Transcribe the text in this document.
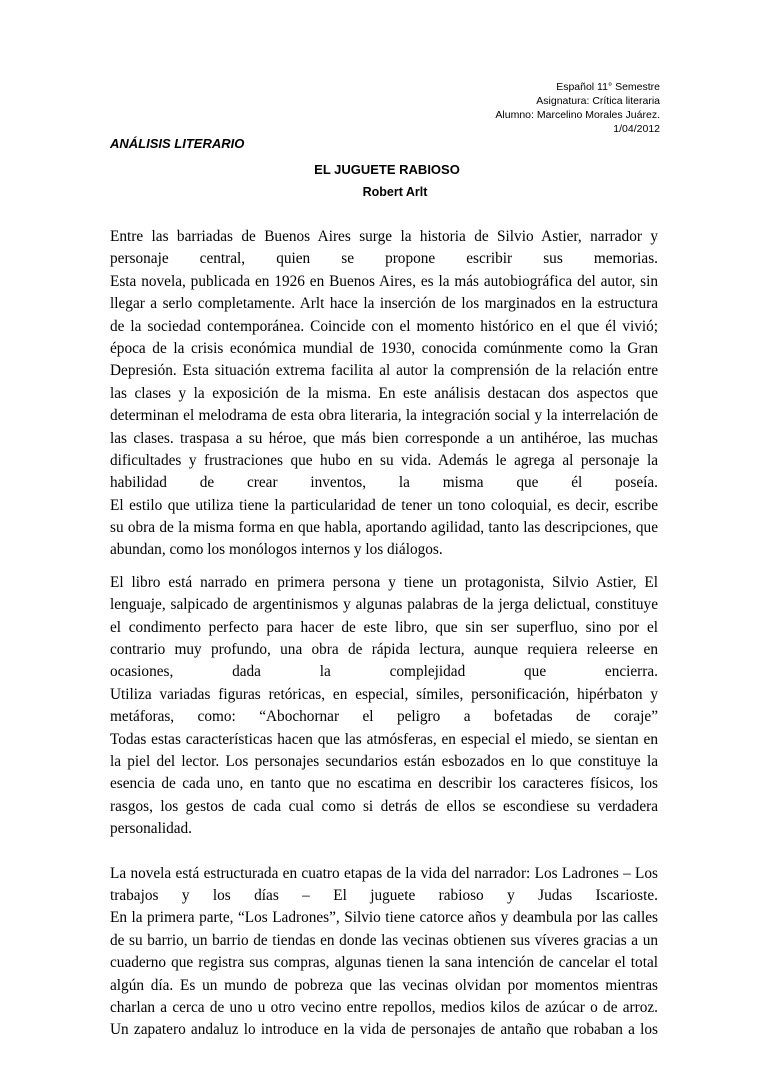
Español 11° Semestre
Asignatura: Crítica literaria
Alumno: Marcelino Morales Juárez.
1/04/2012
ANÁLISIS LITERARIO
EL JUGUETE RABIOSO
Robert Arlt

Entre las barriadas de Buenos Aires surge la historia de Silvio Astier, narrador y
personaje central, quien se propone escribir sus memorias.
Esta novela, publicada en 1926 en Buenos Aires, es la más autobiográfica del autor, sin
llegar a serlo completamente. Arlt hace la inserción de los marginados en la estructura
de la sociedad contemporánea. Coincide con el momento histórico en el que él vivió;
época de la crisis económica mundial de 1930, conocida comúnmente como la Gran
Depresión. Esta situación extrema facilita al autor la comprensión de la relación entre
las clases y la exposición de la misma. En este análisis destacan dos aspectos que
determinan el melodrama de esta obra literaria, la integración social y la interrelación de
las clases. traspasa a su héroe, que más bien corresponde a un antihéroe, las muchas
dificultades y frustraciones que hubo en su vida. Además le agrega al personaje la
habilidad de crear inventos, la misma que él poseía.
El estilo que utiliza tiene la particularidad de tener un tono coloquial, es decir, escribe
su obra de la misma forma en que habla, aportando agilidad, tanto las descripciones, que
abundan, como los monólogos internos y los diálogos.

El libro está narrado en primera persona y tiene un protagonista, Silvio Astier, El
lenguaje, salpicado de argentinismos y algunas palabras de la jerga delictual, constituye
el condimento perfecto para hacer de este libro, que sin ser superfluo, sino por el
contrario muy profundo, una obra de rápida lectura, aunque requiera releerse en
ocasiones, dada la complejidad que encierra.
Utiliza variadas figuras retóricas, en especial, símiles, personificación, hipérbaton y
metáforas, como: “Abochornar el peligro a bofetadas de coraje”
Todas estas características hacen que las atmósferas, en especial el miedo, se sientan en
la piel del lector. Los personajes secundarios están esbozados en lo que constituye la
esencia de cada uno, en tanto que no escatima en describir los caracteres físicos, los
rasgos, los gestos de cada cual como si detrás de ellos se escondiese su verdadera
personalidad.

La novela está estructurada en cuatro etapas de la vida del narrador: Los Ladrones – Los
trabajos y los días – El juguete rabioso y Judas Iscarioste.
En la primera parte, “Los Ladrones”, Silvio tiene catorce años y deambula por las calles
de su barrio, un barrio de tiendas en donde las vecinas obtienen sus víveres gracias a un
cuaderno que registra sus compras, algunas tienen la sana intención de cancelar el total
algún día. Es un mundo de pobreza que las vecinas olvidan por momentos mientras
charlan a cerca de uno u otro vecino entre repollos, medios kilos de azúcar o de arroz.
Un zapatero andaluz lo introduce en la vida de personajes de antaño que robaban a los
